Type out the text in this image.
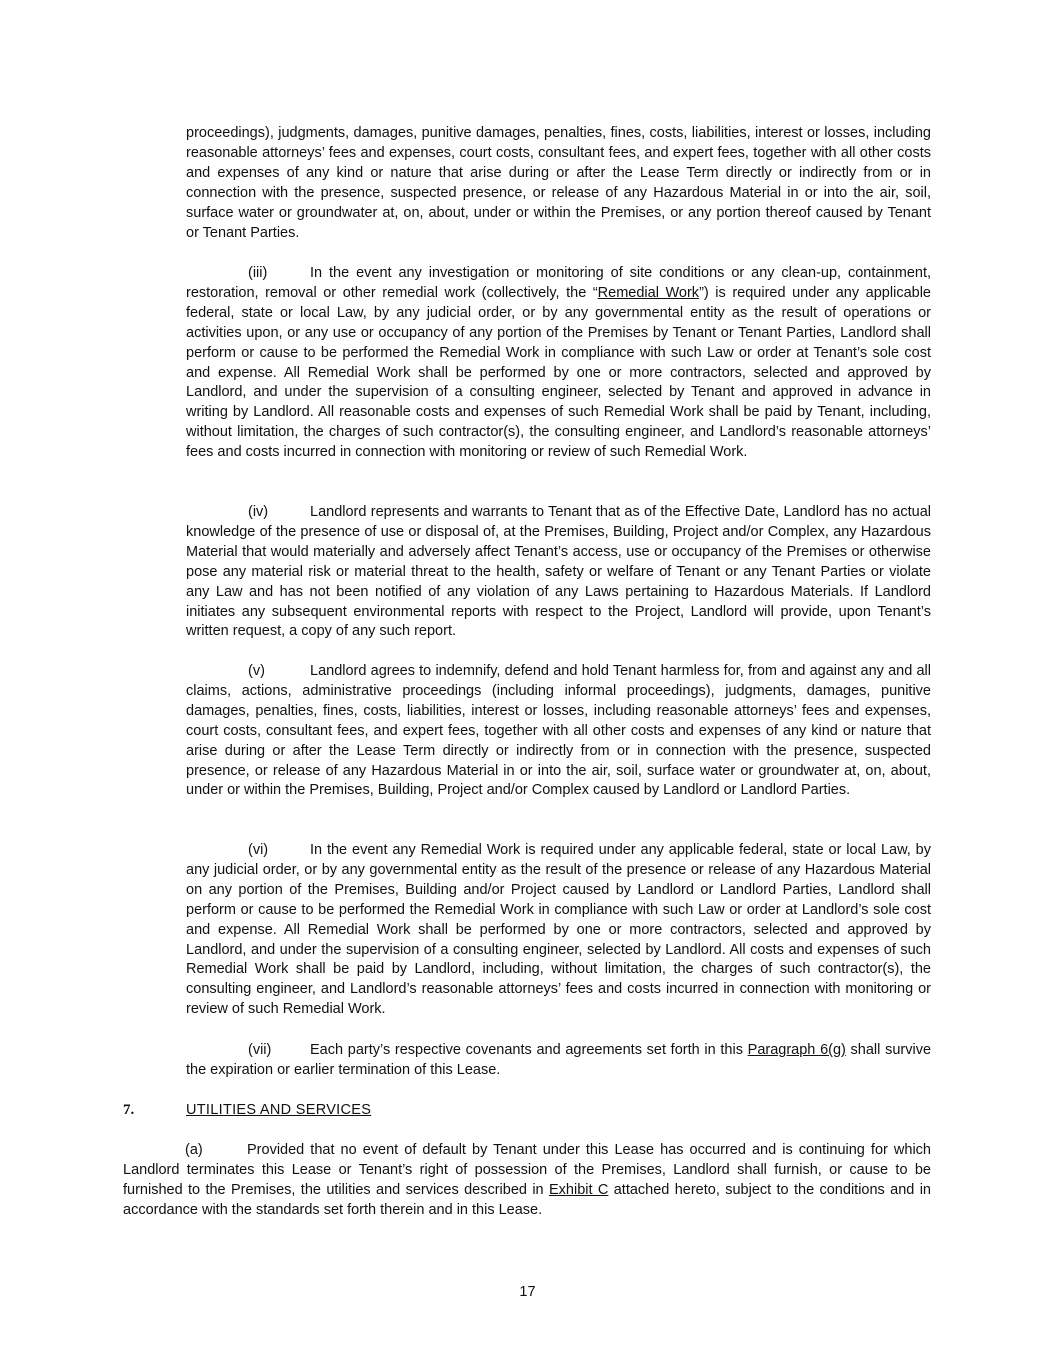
proceedings), judgments, damages, punitive damages, penalties, fines, costs, liabilities, interest or losses, including reasonable attorneys’ fees and expenses, court costs, consultant fees, and expert fees, together with all other costs and expenses of any kind or nature that arise during or after the Lease Term directly or indirectly from or in connection with the presence, suspected presence, or release of any Hazardous Material in or into the air, soil, surface water or groundwater at, on, about, under or within the Premises, or any portion thereof caused by Tenant or Tenant Parties.

(iii)	In the event any investigation or monitoring of site conditions or any clean-up, containment, restoration, removal or other remedial work (collectively, the “Remedial Work”) is required under any applicable federal, state or local Law, by any judicial order, or by any governmental entity as the result of operations or activities upon, or any use or occupancy of any portion of the Premises by Tenant or Tenant Parties, Landlord shall perform or cause to be performed the Remedial Work in compliance with such Law or order at Tenant’s sole cost and expense. All Remedial Work shall be performed by one or more contractors, selected and approved by Landlord, and under the supervision of a consulting engineer, selected by Tenant and approved in advance in writing by Landlord. All reasonable costs and expenses of such Remedial Work shall be paid by Tenant, including, without limitation, the charges of such contractor(s), the consulting engineer, and Landlord’s reasonable attorneys’ fees and costs incurred in connection with monitoring or review of such Remedial Work.

(iv)	Landlord represents and warrants to Tenant that as of the Effective Date, Landlord has no actual knowledge of the presence of use or disposal of, at the Premises, Building, Project and/or Complex, any Hazardous Material that would materially and adversely affect Tenant’s access, use or occupancy of the Premises or otherwise pose any material risk or material threat to the health, safety or welfare of Tenant or any Tenant Parties or violate any Law and has not been notified of any violation of any Laws pertaining to Hazardous Materials. If Landlord initiates any subsequent environmental reports with respect to the Project, Landlord will provide, upon Tenant’s written request, a copy of any such report.

(v)	Landlord agrees to indemnify, defend and hold Tenant harmless for, from and against any and all claims, actions, administrative proceedings (including informal proceedings), judgments, damages, punitive damages, penalties, fines, costs, liabilities, interest or losses, including reasonable attorneys’ fees and expenses, court costs, consultant fees, and expert fees, together with all other costs and expenses of any kind or nature that arise during or after the Lease Term directly or indirectly from or in connection with the presence, suspected presence, or release of any Hazardous Material in or into the air, soil, surface water or groundwater at, on, about, under or within the Premises, Building, Project and/or Complex caused by Landlord or Landlord Parties.

(vi)	In the event any Remedial Work is required under any applicable federal, state or local Law, by any judicial order, or by any governmental entity as the result of the presence or release of any Hazardous Material on any portion of the Premises, Building and/or Project caused by Landlord or Landlord Parties, Landlord shall perform or cause to be performed the Remedial Work in compliance with such Law or order at Landlord’s sole cost and expense. All Remedial Work shall be performed by one or more contractors, selected and approved by Landlord, and under the supervision of a consulting engineer, selected by Landlord. All costs and expenses of such Remedial Work shall be paid by Landlord, including, without limitation, the charges of such contractor(s), the consulting engineer, and Landlord’s reasonable attorneys’ fees and costs incurred in connection with monitoring or review of such Remedial Work.

(vii)	Each party’s respective covenants and agreements set forth in this Paragraph 6(g) shall survive the expiration or earlier termination of this Lease.

7.	UTILITIES AND SERVICES

(a)	Provided that no event of default by Tenant under this Lease has occurred and is continuing for which Landlord terminates this Lease or Tenant’s right of possession of the Premises, Landlord shall furnish, or cause to be furnished to the Premises, the utilities and services described in Exhibit C attached hereto, subject to the conditions and in accordance with the standards set forth therein and in this Lease.

17
